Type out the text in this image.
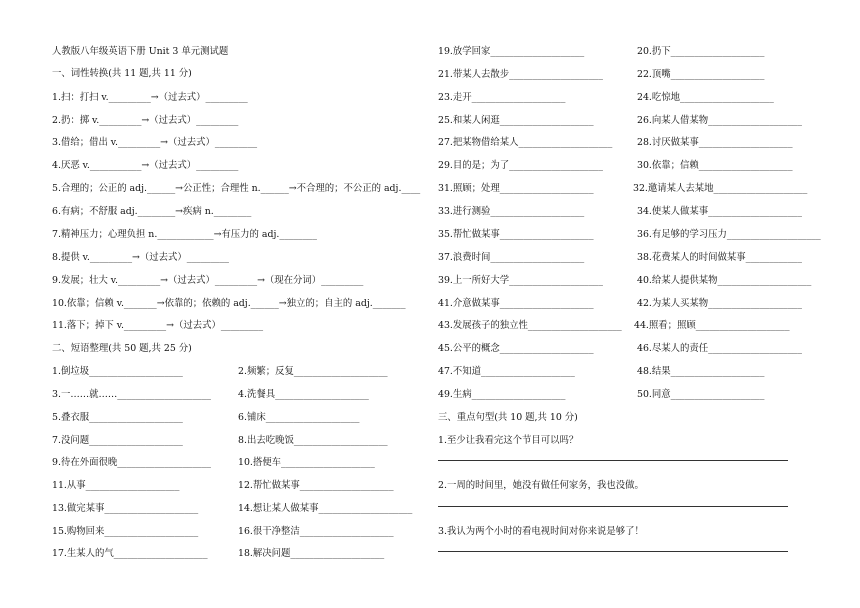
人教版八年级英语下册 Unit 3 单元测试题
一、词性转换(共 11 题,共 11 分)
1.扫：打扫 v._________→（过去式）_________
2.扔：掷 v._________→（过去式）_________
3.借给；借出 v._________→（过去式）_________
4.厌恶 v.___________→（过去式）_________
5.合理的；公正的 adj.______→公正性；合理性 n.______→不合理的；不公正的 adj.____
6.有病；不舒服 adj.________→疾病 n.________
7.精神压力；心理负担 n.____________→有压力的 adj.________
8.提供 v._________→（过去式）_________
9.发展；壮大 v._________→（过去式）_________→（现在分词）_________
10.依靠；信赖 v._______→依靠的；依赖的 adj.______→独立的；自主的 adj._______
11.落下；掉下 v._________→（过去式）_________
二、短语整理(共 50 题,共 25 分)
1.倒垃圾____________________	2.频繁；反复____________________
3.一……就……____________________	4.洗餐具____________________
5.叠衣服____________________	6.铺床____________________
7.没问题____________________	8.出去吃晚饭____________________
9.待在外面很晚____________________	10.搭便车____________________
11.从事____________________	12.帮忙做某事____________________
13.做完某事____________________	14.想让某人做某事____________________
15.购物回来____________________	16.很干净整洁____________________
17.生某人的气____________________	18.解决问题____________________
19.放学回家____________________	20.扔下____________________
21.带某人去散步____________________	22.顶嘴____________________
23.走开____________________	24.吃惊地____________________
25.和某人闲逛____________________	26.向某人借某物____________________
27.把某物借给某人____________________	28.讨厌做某事____________________
29.目的是；为了____________________	30.依靠；信赖____________________
31.照顾；处理____________________	32.邀请某人去某地____________________
33.进行测验____________________	34.使某人做某事____________________
35.帮忙做某事____________________	36.有足够的学习压力____________________
37.浪费时间____________________	38.花费某人的时间做某事____________
39.上一所好大学____________________	40.给某人提供某物____________________
41.介意做某事____________________	42.为某人买某物____________________
43.发展孩子的独立性____________________ 44.照看；照顾____________________
45.公平的概念____________________	46.尽某人的责任____________________
47.不知道____________________	48.结果____________________
49.生病____________________	50.同意____________________
三、重点句型(共 10 题,共 10 分)
1.至少让我看完这个节目可以吗？
2.一周的时间里，她没有做任何家务，我也没做。
3.我认为两个小时的看电视时间对你来说是够了！
